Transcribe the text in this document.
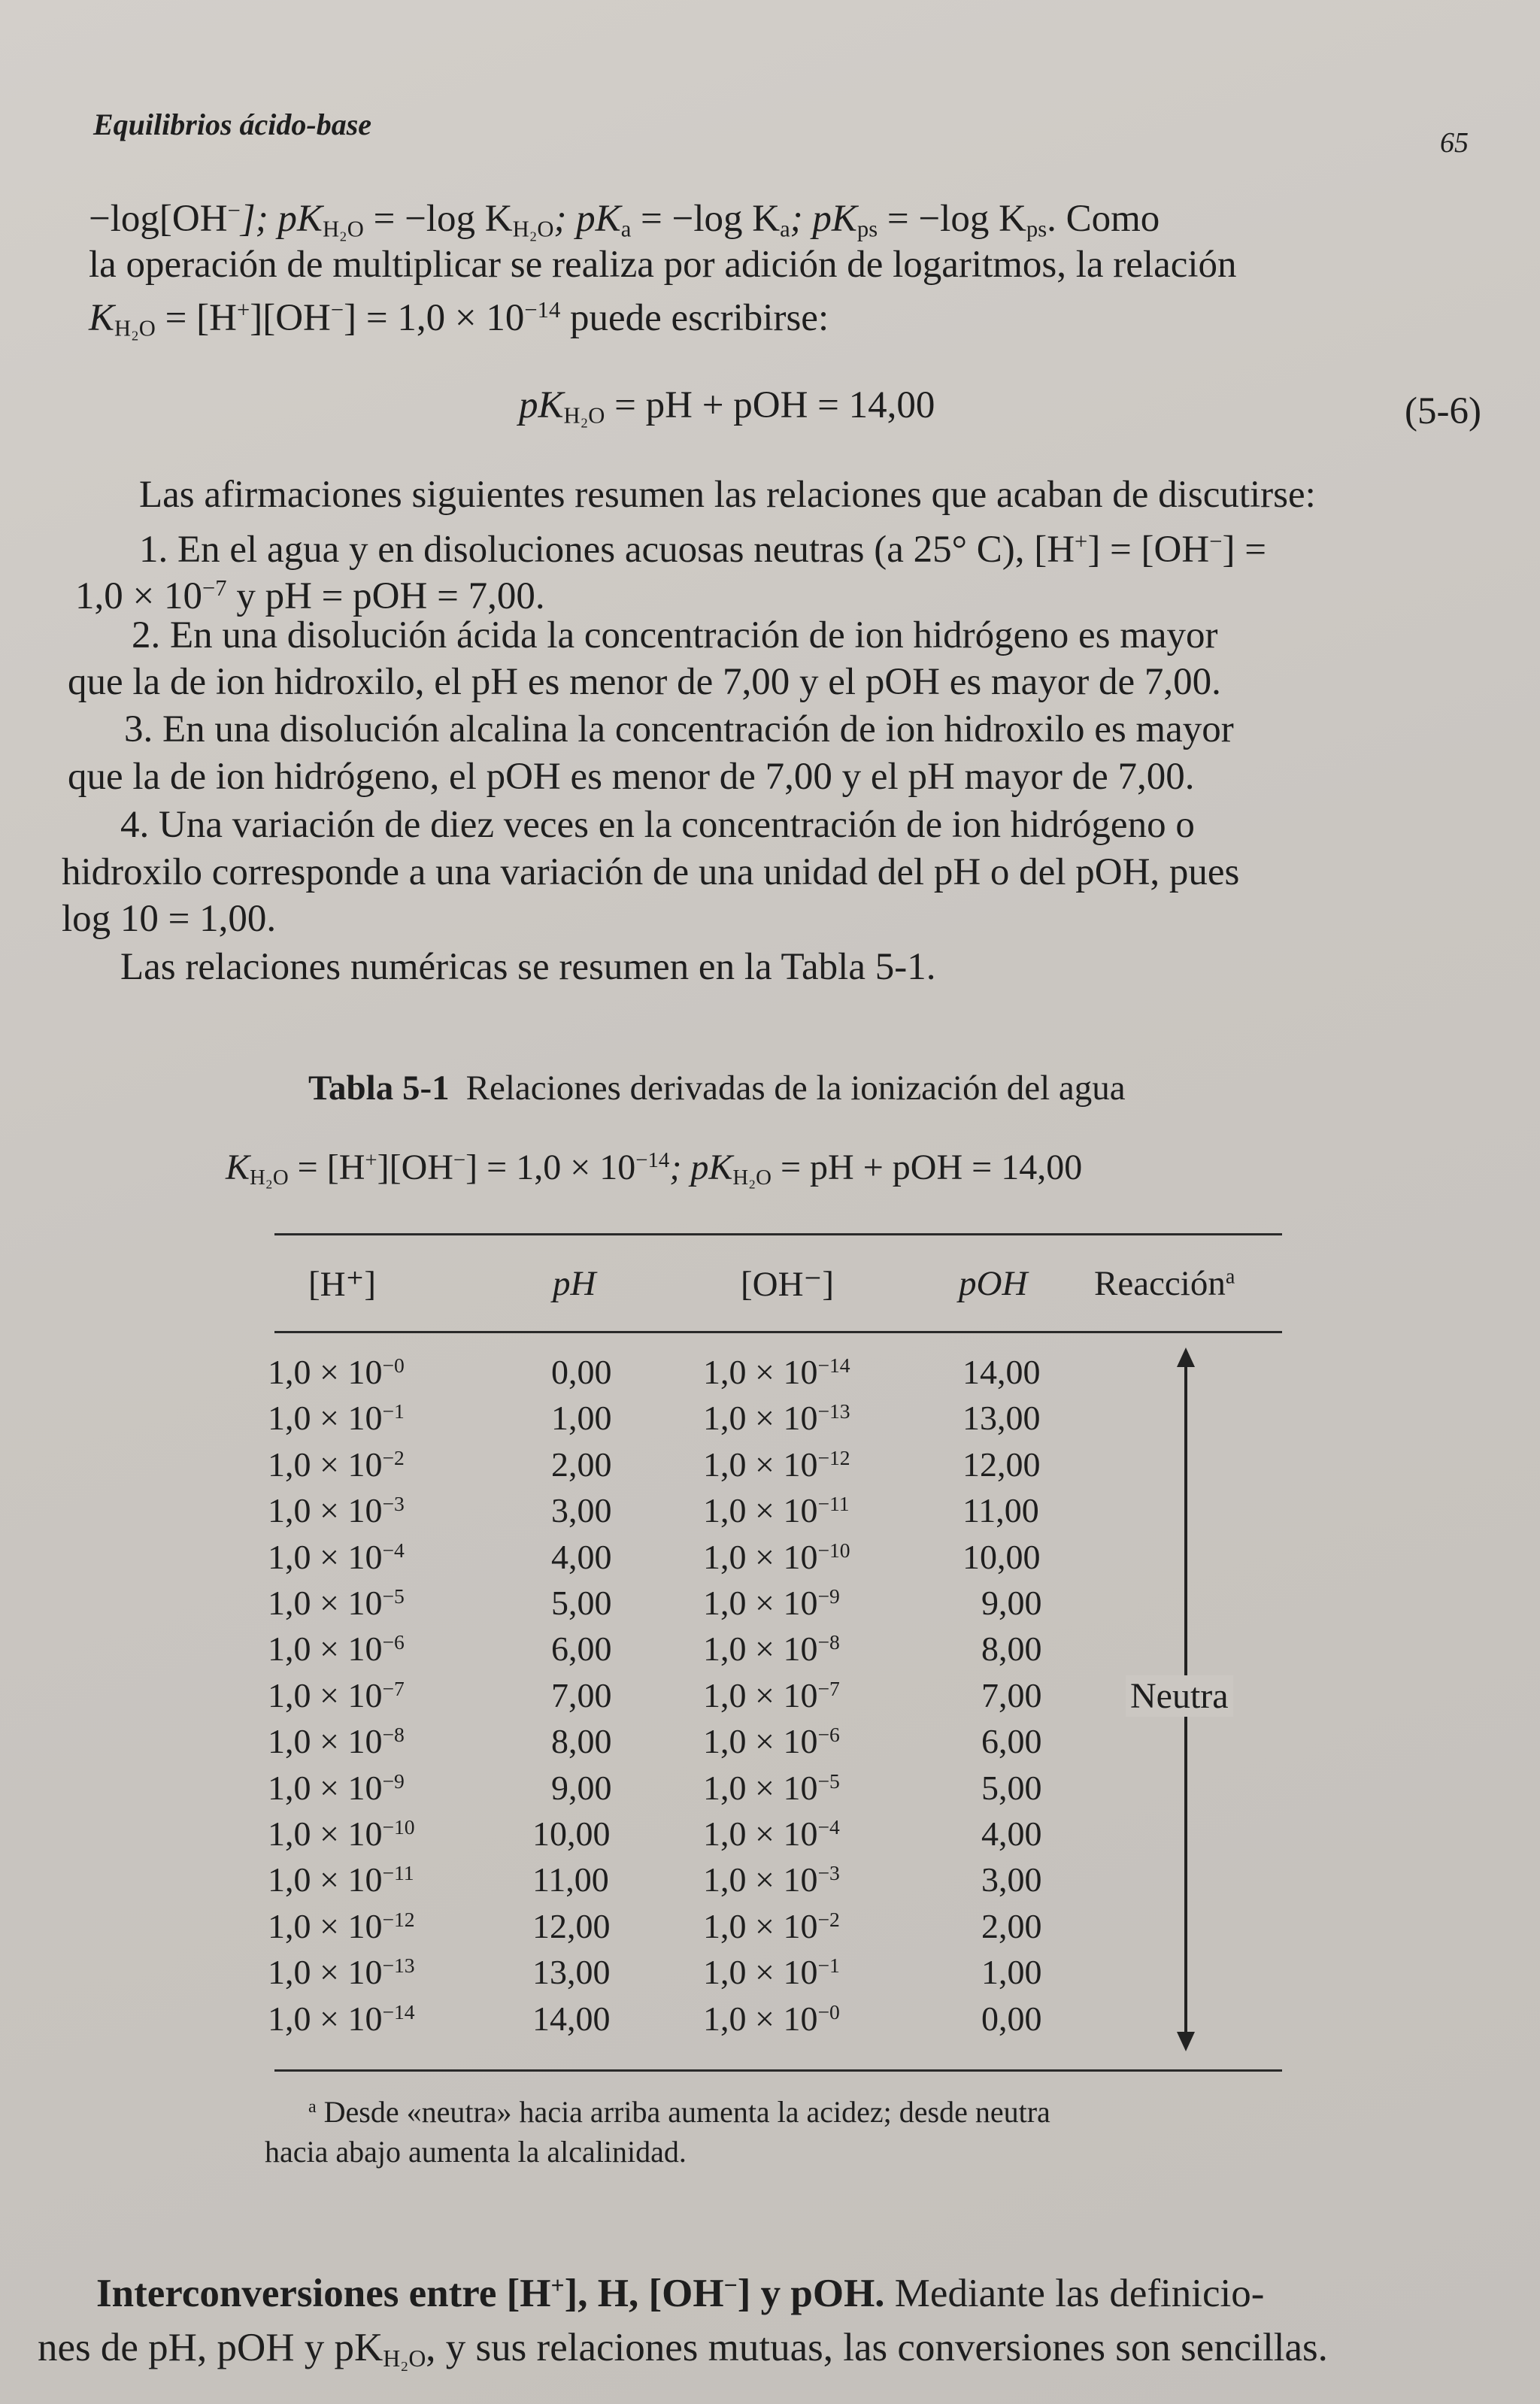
Equilibrios ácido-base
65
−log[OH−]; $pK_{H_2O} = -\log$ $K_{H_2O}$; $pK_a = -\log$ $K_a$; $pK_{ps} = -\log$ $K_{ps}$. Como
la operación de multiplicar se realiza por adición de logaritmos, la relación
$K_{H_2O} = [H^+][OH^-] = 1,0 \times 10^{-14}$ puede escribirse:
$pK_{H_2O}$ = pH + pOH = 14,00	(5-6)
Las afirmaciones siguientes resumen las relaciones que acaban de discutirse:
1. En el agua y en disoluciones acuosas neutras (a 25° C), [H+] = [OH−] =
$1,0 \times 10^{-7}$ y pH = pOH = 7,00.
2. En una disolución ácida la concentración de ion hidrógeno es mayor
que la de ion hidroxilo, el pH es menor de 7,00 y el pOH es mayor de 7,00.
3. En una disolución alcalina la concentración de ion hidroxilo es mayor
que la de ion hidrógeno, el pOH es menor de 7,00 y el pH mayor de 7,00.
4. Una variación de diez veces en la concentración de ion hidrógeno o
hidroxilo corresponde a una variación de una unidad del pH o del pOH, pues
log 10 = 1,00.
Las relaciones numéricas se resumen en la Tabla 5-1.
Tabla 5-1 Relaciones derivadas de la ionización del agua
$K_{H_2O} = [H^+][OH^-] = 1,0 \times 10^{-14}$; $pK_{H_2O}$ = pH + pOH = 14,00
[H⁺]	pH	[OH⁻]	pOH Reacción$^a$
$1,0 \times 10^{-0}$	0,00	$1,0 \times 10^{-14}$	14,00
$1,0 \times 10^{-1}$	1,00	$1,0 \times 10^{-13}$	13,00
$1,0 \times 10^{-2}$	2,00	$1,0 \times 10^{-12}$	12,00
$1,0 \times 10^{-3}$	3,00	$1,0 \times 10^{-11}$	11,00
$1,0 \times 10^{-4}$	4,00	$1,0 \times 10^{-10}$	10,00
$1,0 \times 10^{-5}$	5,00	$1,0 \times 10^{-9}$	9,00
$1,0 \times 10^{-6}$	6,00	$1,0 \times 10^{-8}$	8,00
$1,0 \times 10^{-7}$	7,00	$1,0 \times 10^{-7}$	7,00
$1,0 \times 10^{-8}$	8,00	$1,0 \times 10^{-6}$	6,00
$1,0 \times 10^{-9}$	9,00	$1,0 \times 10^{-5}$	5,00
$1,0 \times 10^{-10}$	10,00	$1,0 \times 10^{-4}$	4,00
$1,0 \times 10^{-11}$	11,00	$1,0 \times 10^{-3}$	3,00
$1,0 \times 10^{-12}$	12,00	$1,0 \times 10^{-2}$	2,00
$1,0 \times 10^{-13}$	13,00	$1,0 \times 10^{-1}$	1,00
$1,0 \times 10^{-14}$	14,00	$1,0 \times 10^{-0}$	0,00
Neutra
$^a$ Desde «neutra» hacia arriba aumenta la acidez; desde neutra
hacia abajo aumenta la alcalinidad.
Interconversiones entre [H+], H, [OH−] y pOH. Mediante las definicio-
nes de pH, pOH y $pK_{H_2O}$, y sus relaciones mutuas, las conversiones son sencillas.
